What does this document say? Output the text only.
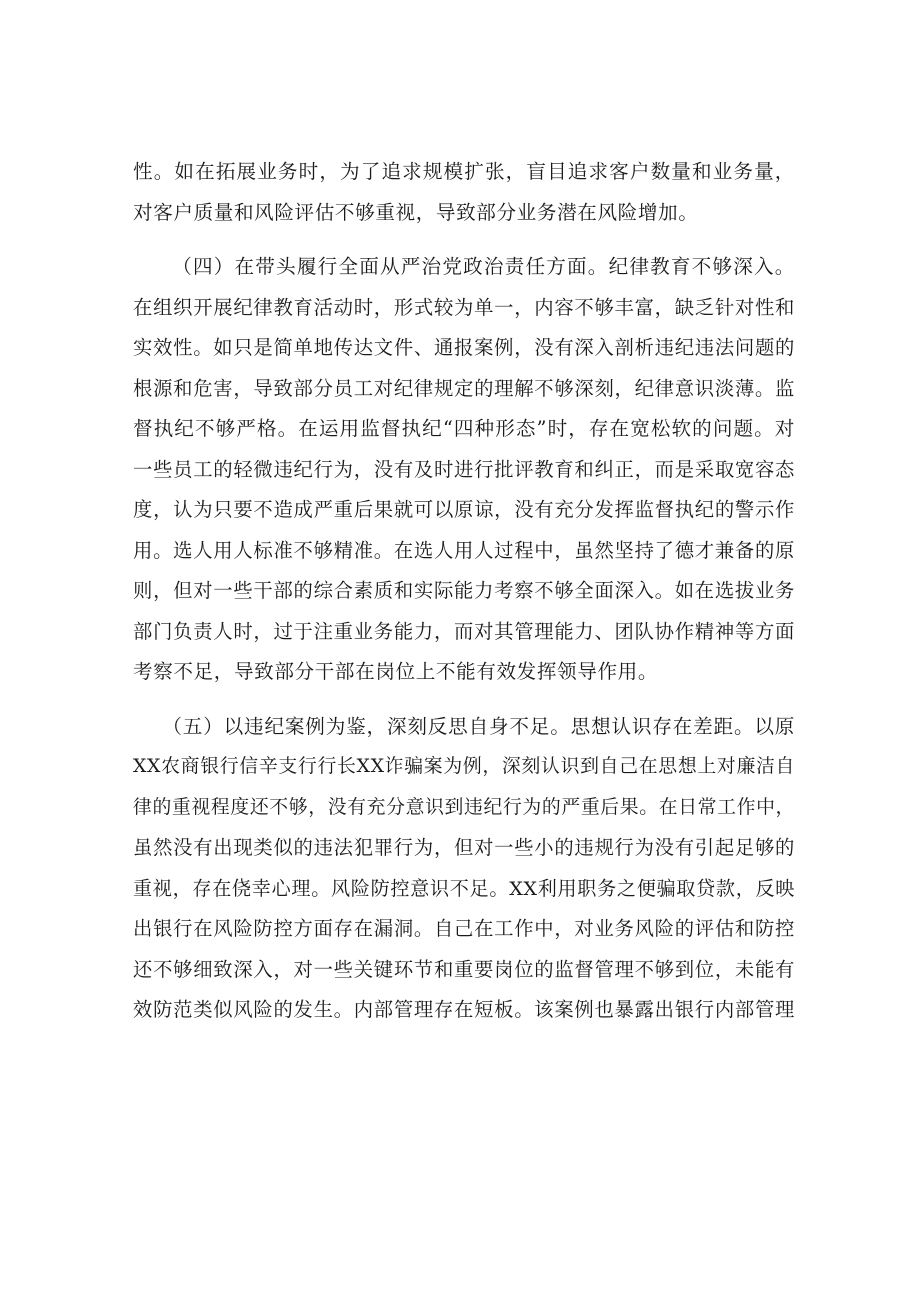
性。如在拓展业务时，为了追求规模扩张，盲目追求客户数量和业务量，
对客户质量和风险评估不够重视，导致部分业务潜在风险增加。

（四）在带头履行全面从严治党政治责任方面。纪律教育不够深入。
在组织开展纪律教育活动时，形式较为单一，内容不够丰富，缺乏针对性和
实效性。如只是简单地传达文件、通报案例，没有深入剖析违纪违法问题的
根源和危害，导致部分员工对纪律规定的理解不够深刻，纪律意识淡薄。监
督执纪不够严格。在运用监督执纪“四种形态”时，存在宽松软的问题。对
一些员工的轻微违纪行为，没有及时进行批评教育和纠正，而是采取宽容态
度，认为只要不造成严重后果就可以原谅，没有充分发挥监督执纪的警示作
用。选人用人标准不够精准。在选人用人过程中，虽然坚持了德才兼备的原
则，但对一些干部的综合素质和实际能力考察不够全面深入。如在选拔业务
部门负责人时，过于注重业务能力，而对其管理能力、团队协作精神等方面
考察不足，导致部分干部在岗位上不能有效发挥领导作用。

（五）以违纪案例为鉴，深刻反思自身不足。思想认识存在差距。以原
XX农商银行信辛支行行长XX诈骗案为例，深刻认识到自己在思想上对廉洁自
律的重视程度还不够，没有充分意识到违纪行为的严重后果。在日常工作中，
虽然没有出现类似的违法犯罪行为，但对一些小的违规行为没有引起足够的
重视，存在侥幸心理。风险防控意识不足。XX利用职务之便骗取贷款，反映
出银行在风险防控方面存在漏洞。自己在工作中，对业务风险的评估和防控
还不够细致深入，对一些关键环节和重要岗位的监督管理不够到位，未能有
效防范类似风险的发生。内部管理存在短板。该案例也暴露出银行内部管理
